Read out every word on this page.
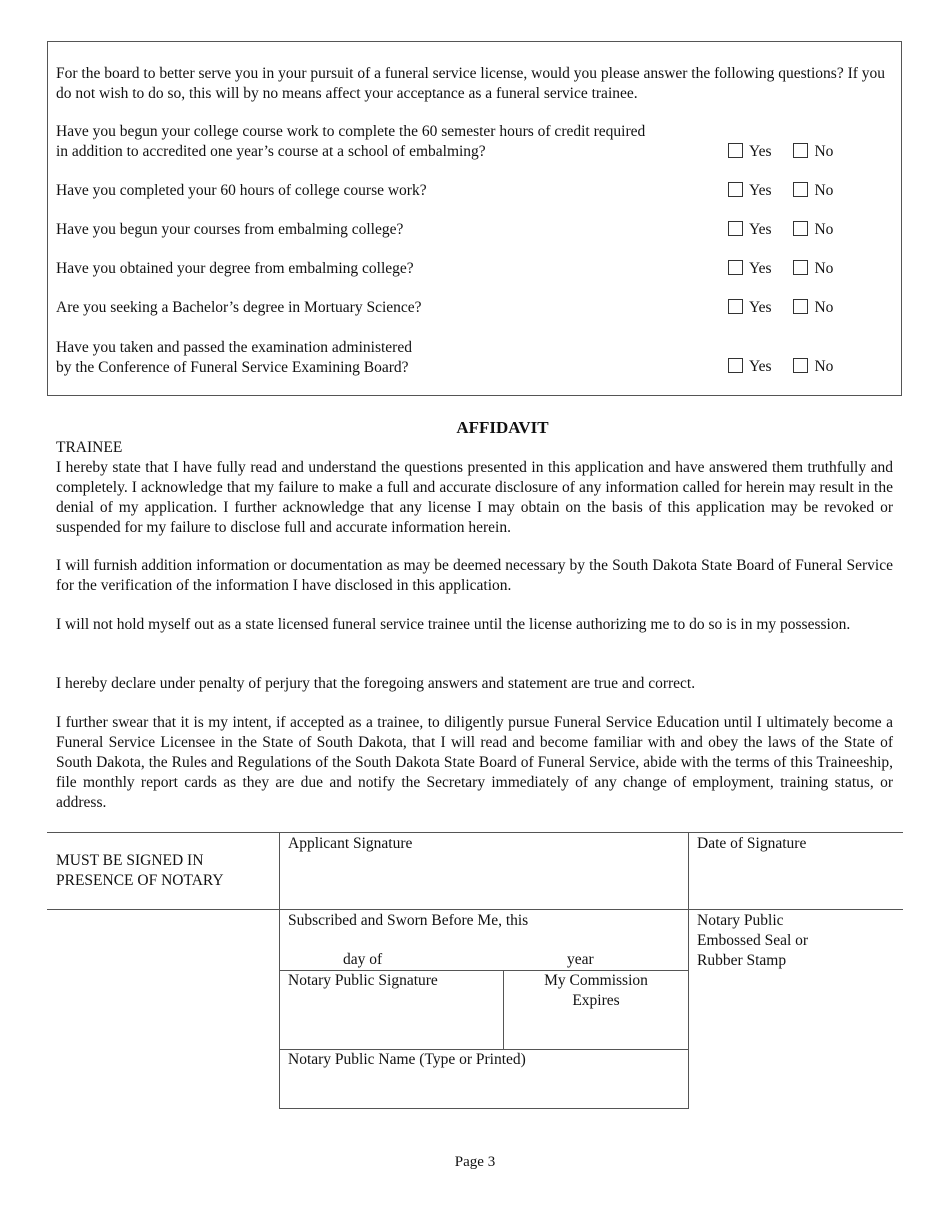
For the board to better serve you in your pursuit of a funeral service license, would you please answer the following questions? If you do not wish to do so, this will by no means affect your acceptance as a funeral service trainee.
Have you begun your college course work to complete the 60 semester hours of credit required
in addition to accredited one year’s course at a school of embalming?	Yes	No
Have you completed your 60 hours of college course work?	Yes	No
Have you begun your courses from embalming college?	Yes	No
Have you obtained your degree from embalming college?	Yes	No
Are you seeking a Bachelor’s degree in Mortuary Science?	Yes	No
Have you taken and passed the examination administered
by the Conference of Funeral Service Examining Board?	Yes	No
AFFIDAVIT
TRAINEE
I hereby state that I have fully read and understand the questions presented in this application and have answered them truthfully and completely. I acknowledge that my failure to make a full and accurate disclosure of any information called for herein may result in the denial of my application. I further acknowledge that any license I may obtain on the basis of this application may be revoked or suspended for my failure to disclose full and accurate information herein.
I will furnish addition information or documentation as may be deemed necessary by the South Dakota State Board of Funeral Service for the verification of the information I have disclosed in this application.
I will not hold myself out as a state licensed funeral service trainee until the license authorizing me to do so is in my possession.
I hereby declare under penalty of perjury that the foregoing answers and statement are true and correct.
I further swear that it is my intent, if accepted as a trainee, to diligently pursue Funeral Service Education until I ultimately become a Funeral Service Licensee in the State of South Dakota, that I will read and become familiar with and obey the laws of the State of South Dakota, the Rules and Regulations of the South Dakota State Board of Funeral Service, abide with the terms of this Traineeship, file monthly report cards as they are due and notify the Secretary immediately of any change of employment, training status, or address.
MUST BE SIGNED IN
PRESENCE OF NOTARY
Applicant Signature	Date of Signature
Subscribed and Sworn Before Me, this
day of	year
Notary Public
Embossed Seal or
Rubber Stamp
Notary Public Signature	My Commission
Expires
Notary Public Name (Type or Printed)
Page 3
